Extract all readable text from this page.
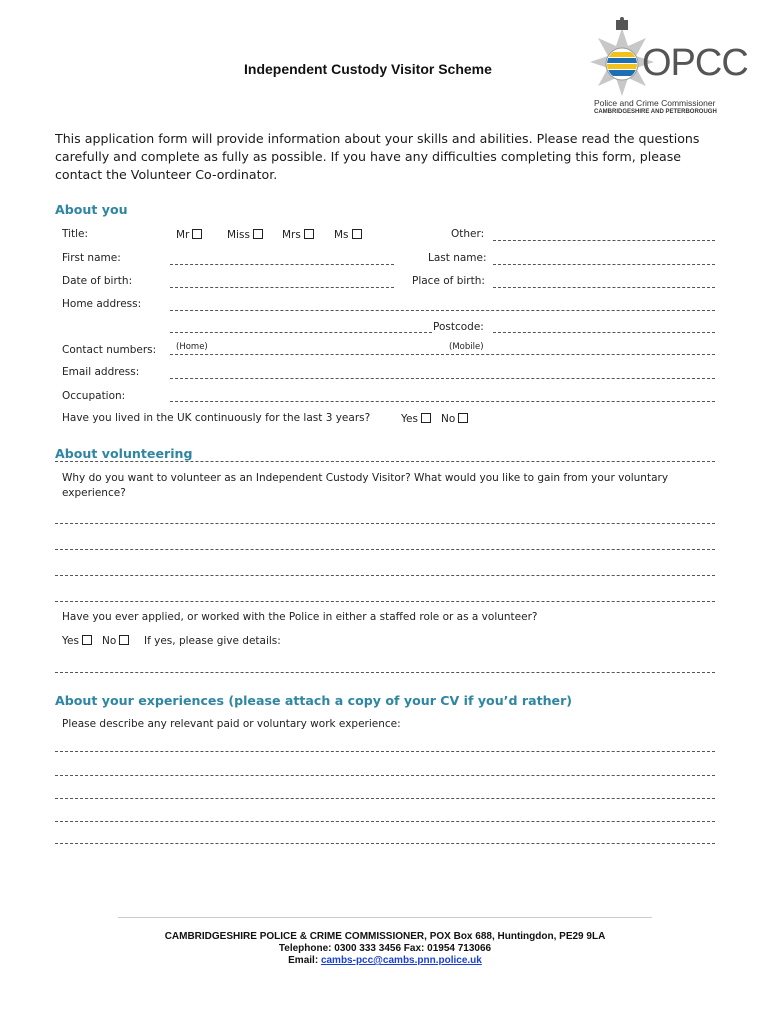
OPCC
Police and Crime Commissioner
CAMBRIDGESHIRE AND PETERBOROUGH
Independent Custody Visitor Scheme
This application form will provide information about your skills and abilities. Please read the questions carefully and complete as fully as possible. If you have any difficulties completing this form, please contact the Volunteer Co-ordinator.
About you
Title:	Mr	Miss	Mrs	Ms	Other:
First name:	Last name:
Date of birth:	Place of birth:
Home address:
Postcode:
Contact numbers: (Home)	(Mobile)
Email address:
Occupation:
Have you lived in the UK continuously for the last 3 years?	Yes	No
About volunteering
Why do you want to volunteer as an Independent Custody Visitor? What would you like to gain from your voluntary experience?
Have you ever applied, or worked with the Police in either a staffed role or as a volunteer?
Yes	No	If yes, please give details:
About your experiences (please attach a copy of your CV if you’d rather)
Please describe any relevant paid or voluntary work experience:
CAMBRIDGESHIRE POLICE & CRIME COMMISSIONER, POX Box 688, Huntingdon, PE29 9LA
Telephone: 0300 333 3456 Fax: 01954 713066
Email: cambs-pcc@cambs.pnn.police.uk
